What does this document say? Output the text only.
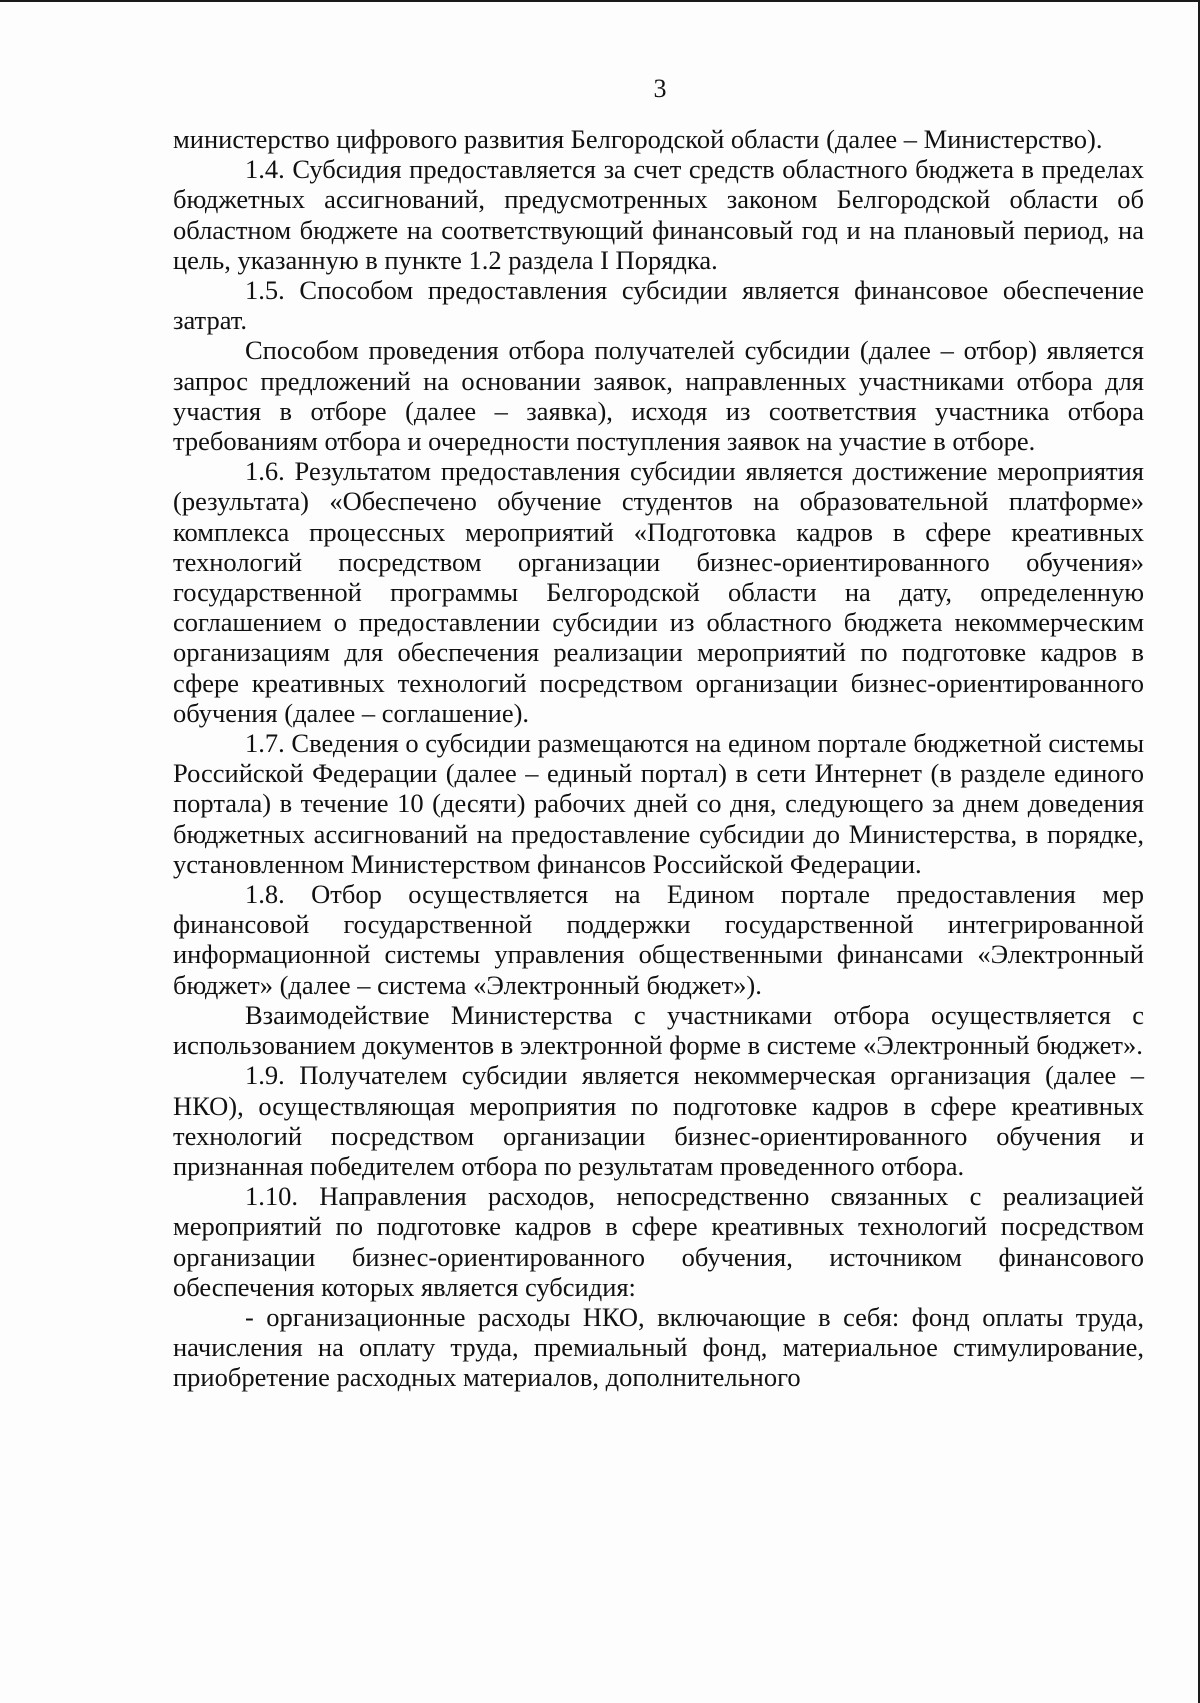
3

министерство цифрового развития Белгородской области (далее – Министерство).

1.4. Субсидия предоставляется за счет средств областного бюджета в пределах бюджетных ассигнований, предусмотренных законом Белгородской области об областном бюджете на соответствующий финансовый год и на плановый период, на цель, указанную в пункте 1.2 раздела I Порядка.

1.5. Способом предоставления субсидии является финансовое обеспечение затрат.

Способом проведения отбора получателей субсидии (далее – отбор) является запрос предложений на основании заявок, направленных участниками отбора для участия в отборе (далее – заявка), исходя из соответствия участника отбора требованиям отбора и очередности поступления заявок на участие в отборе.

1.6. Результатом предоставления субсидии является достижение мероприятия (результата) «Обеспечено обучение студентов на образовательной платформе» комплекса процессных мероприятий «Подготовка кадров в сфере креативных технологий посредством организации бизнес-ориентированного обучения» государственной программы Белгородской области на дату, определенную соглашением о предоставлении субсидии из областного бюджета некоммерческим организациям для обеспечения реализации мероприятий по подготовке кадров в сфере креативных технологий посредством организации бизнес-ориентированного обучения (далее – соглашение).

1.7. Сведения о субсидии размещаются на едином портале бюджетной системы Российской Федерации (далее – единый портал) в сети Интернет (в разделе единого портала) в течение 10 (десяти) рабочих дней со дня, следующего за днем доведения бюджетных ассигнований на предоставление субсидии до Министерства, в порядке, установленном Министерством финансов Российской Федерации.

1.8. Отбор осуществляется на Едином портале предоставления мер финансовой государственной поддержки государственной интегрированной информационной системы управления общественными финансами «Электронный бюджет» (далее – система «Электронный бюджет»).

Взаимодействие Министерства с участниками отбора осуществляется с использованием документов в электронной форме в системе «Электронный бюджет».

1.9. Получателем субсидии является некоммерческая организация (далее – НКО), осуществляющая мероприятия по подготовке кадров в сфере креативных технологий посредством организации бизнес-ориентированного обучения и признанная победителем отбора по результатам проведенного отбора.

1.10. Направления расходов, непосредственно связанных с реализацией мероприятий по подготовке кадров в сфере креативных технологий посредством организации бизнес-ориентированного обучения, источником финансового обеспечения которых является субсидия:

- организационные расходы НКО, включающие в себя: фонд оплаты труда, начисления на оплату труда, премиальный фонд, материальное стимулирование, приобретение расходных материалов, дополнительного
